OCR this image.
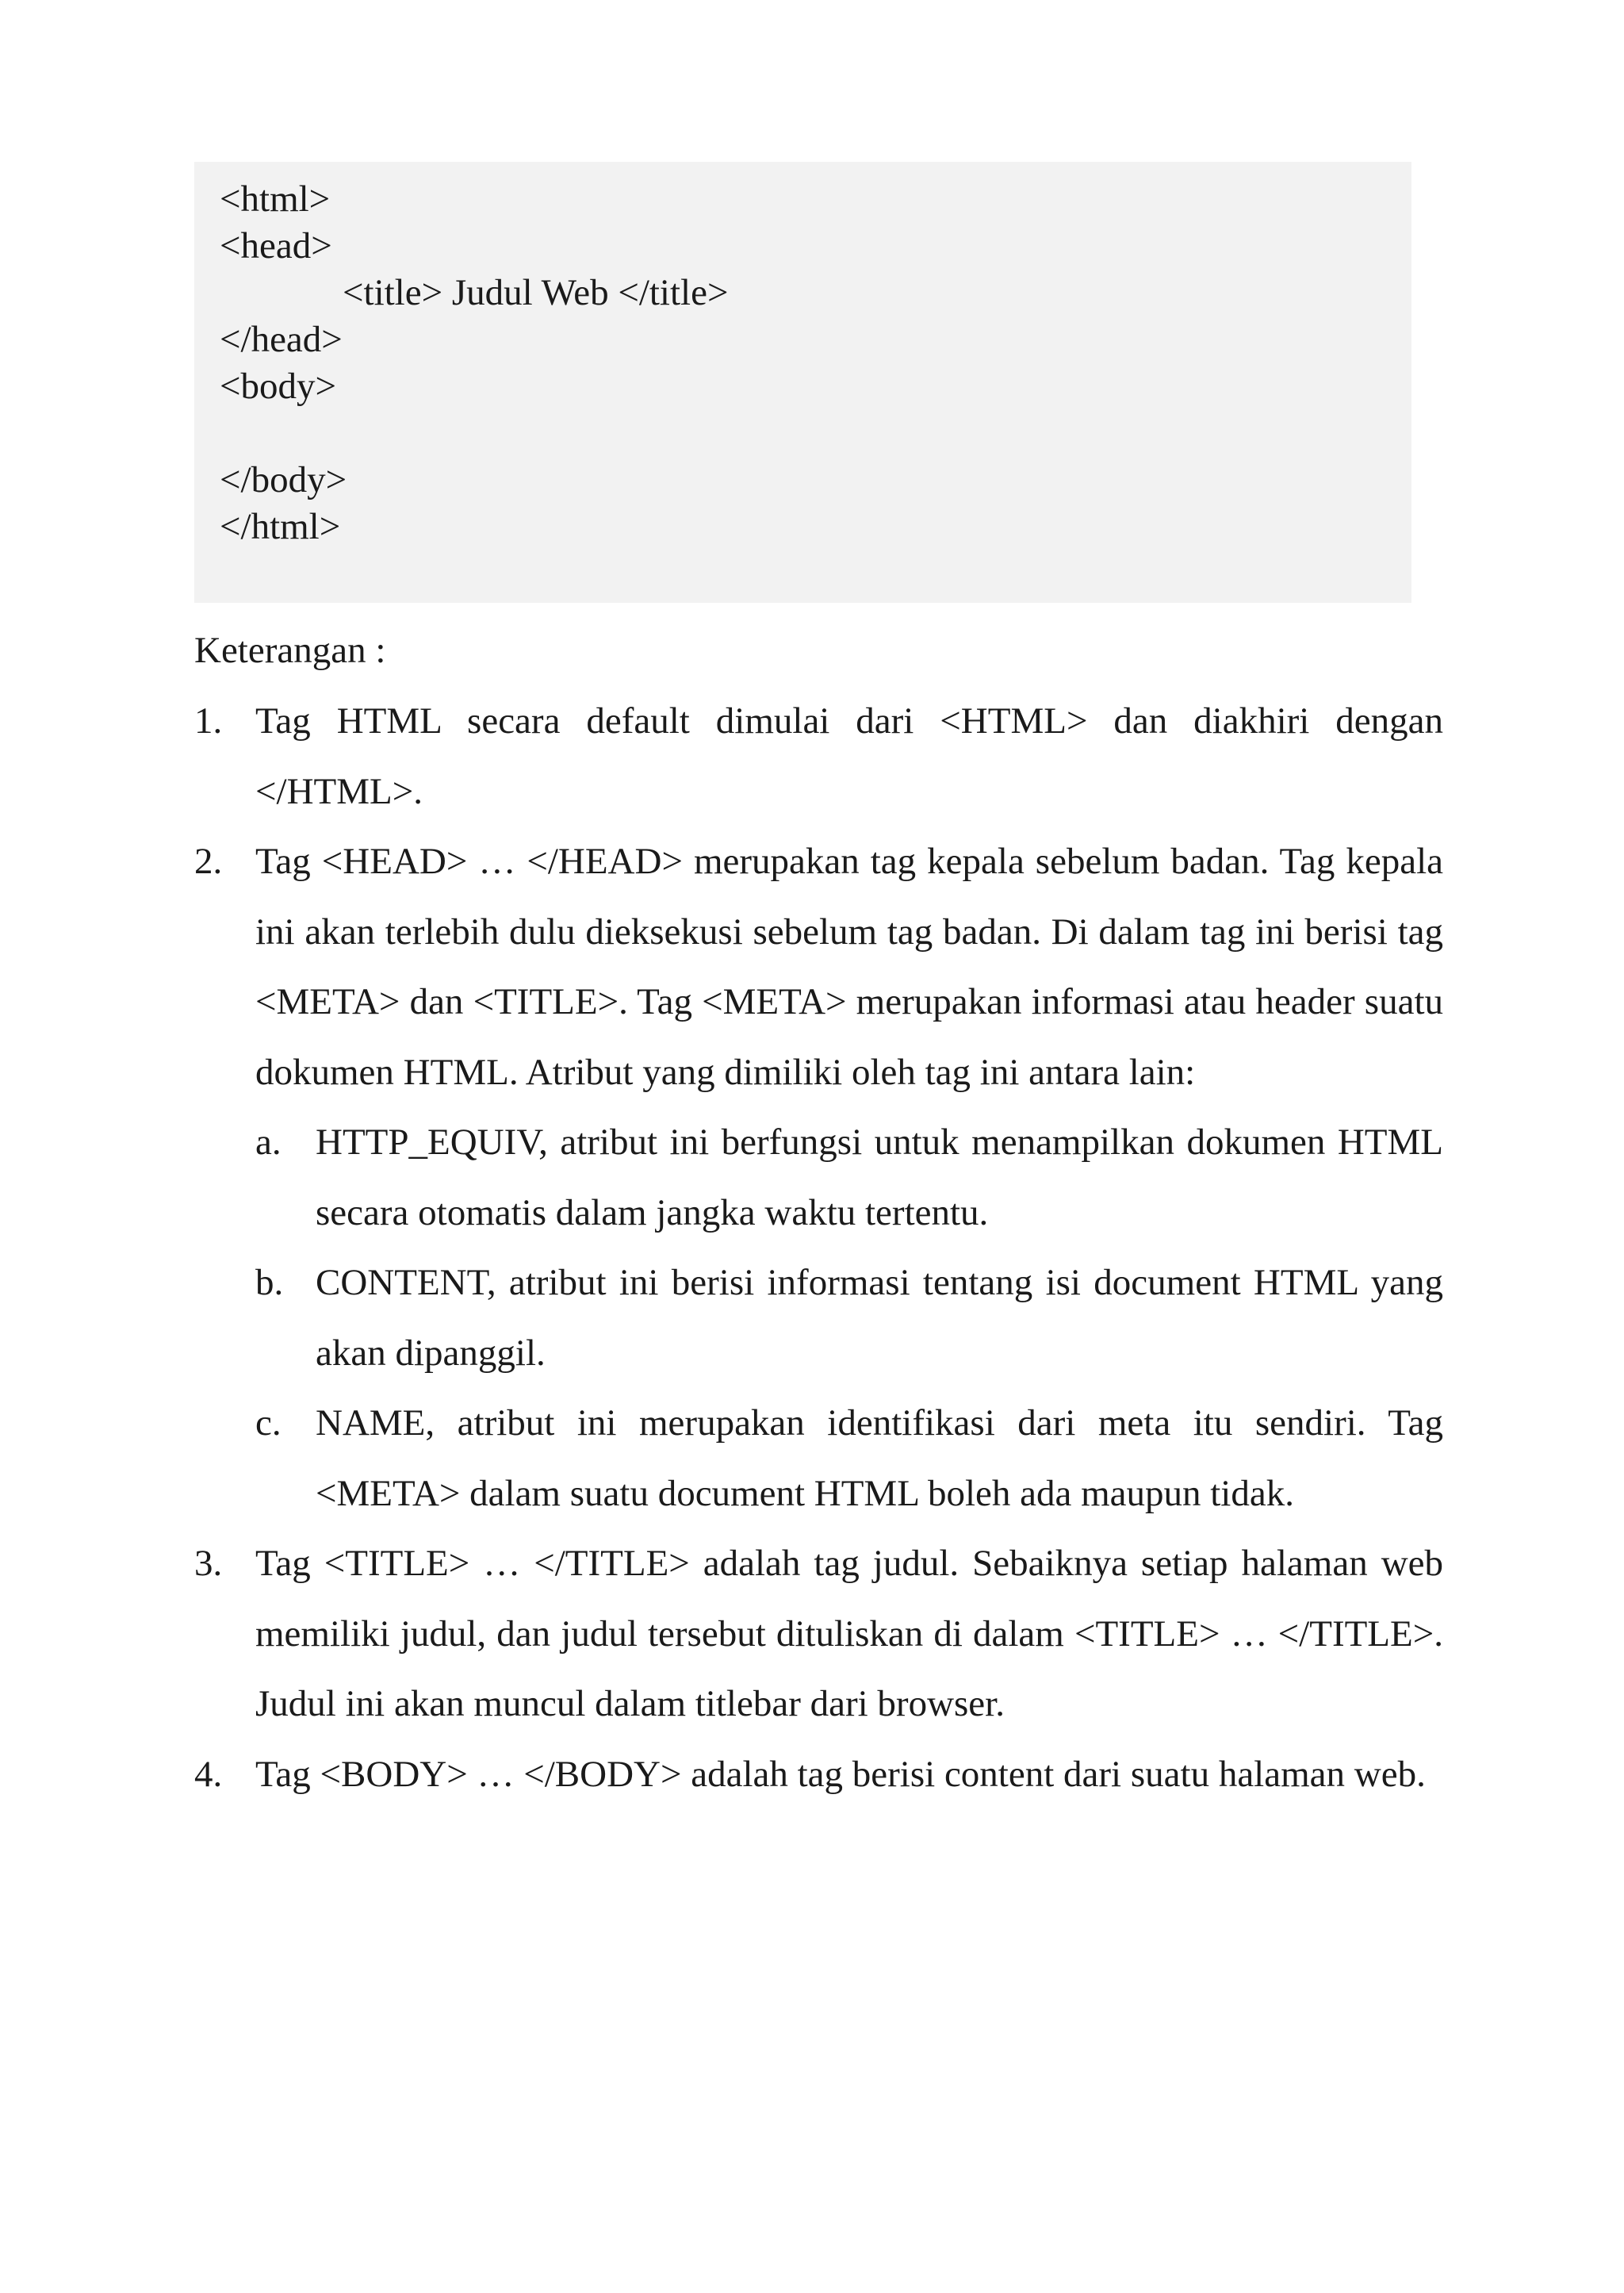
<html>
<head>
<title> Judul Web </title>
</head>
<body>
</body>
</html>
Keterangan :
1. Tag HTML secara default dimulai dari <HTML> dan diakhiri dengan </HTML>.
2. Tag <HEAD> … </HEAD> merupakan tag kepala sebelum badan. Tag kepala ini akan terlebih dulu dieksekusi sebelum tag badan. Di dalam tag ini berisi tag <META> dan <TITLE>. Tag <META> merupakan informasi atau header suatu dokumen HTML. Atribut yang dimiliki oleh tag ini antara lain:
a. HTTP_EQUIV, atribut ini berfungsi untuk menampilkan dokumen HTML secara otomatis dalam jangka waktu tertentu.
b. CONTENT, atribut ini berisi informasi tentang isi document HTML yang akan dipanggil.
c. NAME, atribut ini merupakan identifikasi dari meta itu sendiri. Tag <META> dalam suatu document HTML boleh ada maupun tidak.
3. Tag <TITLE> … </TITLE> adalah tag judul. Sebaiknya setiap halaman web memiliki judul, dan judul tersebut dituliskan di dalam <TITLE> … </TITLE>. Judul ini akan muncul dalam titlebar dari browser.
4. Tag <BODY> … </BODY> adalah tag berisi content dari suatu halaman web.
